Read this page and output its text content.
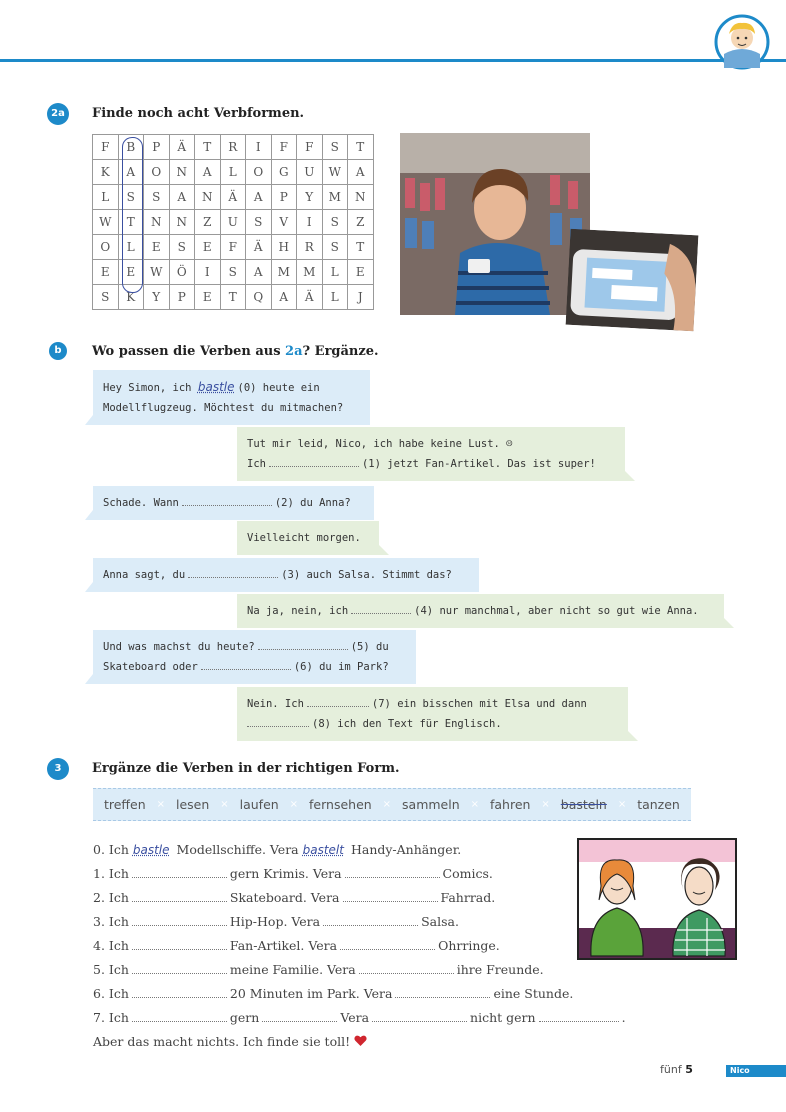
2a	Finde noch acht Verbformen.
F	B	P	Ä	T	R	I	F	F	S	T
K	A	O	N	A	L	O	G	U	W	A
L	S	S	A	N	Ä	A	P	Y	M	N
W	T	N	N	Z	U	S	V	I	S	Z
O	L	E	S	E	F	Ä	H	R	S	T
E	E	W	Ö	I	S	A	M	M	L	E
S	K	Y	P	E	T	Q	A	Ä	L	J
b	Wo passen die Verben aus 2a? Ergänze.
Hey Simon, ich bastle (0) heute ein
Modellflugzeug. Möchtest du mitmachen?
Tut mir leid, Nico, ich habe keine Lust. ☹
Ich	(1) jetzt Fan-Artikel. Das ist super!
Schade. Wann	(2) du Anna?
Vielleicht morgen.
Anna sagt, du	(3) auch Salsa. Stimmt das?
Na ja, nein, ich	(4) nur manchmal, aber nicht so gut wie Anna.
Und was machst du heute?	(5) du
Skateboard oder	(6) du im Park?
Nein. Ich	(7) ein bisschen mit Elsa und dann
(8) ich den Text für Englisch.
3	Ergänze die Verben in der richtigen Form.
treffen × lesen × laufen × fernsehen × sammeln × fahren × basteln × tanzen
0. Ich bastle Modellschiffe. Vera bastelt Handy-Anhänger.
1. Ich	gern Krimis. Vera	Comics.
2. Ich	Skateboard. Vera	Fahrrad.
3. Ich	Hip-Hop. Vera	Salsa.
4. Ich	Fan-Artikel. Vera	Ohrringe.
5. Ich	meine Familie. Vera	ihre Freunde.
6. Ich	20 Minuten im Park. Vera	eine Stunde.
7. Ich	gern	Vera	nicht gern	.
Aber das macht nichts. Ich finde sie toll!
fünf 5	Nico
